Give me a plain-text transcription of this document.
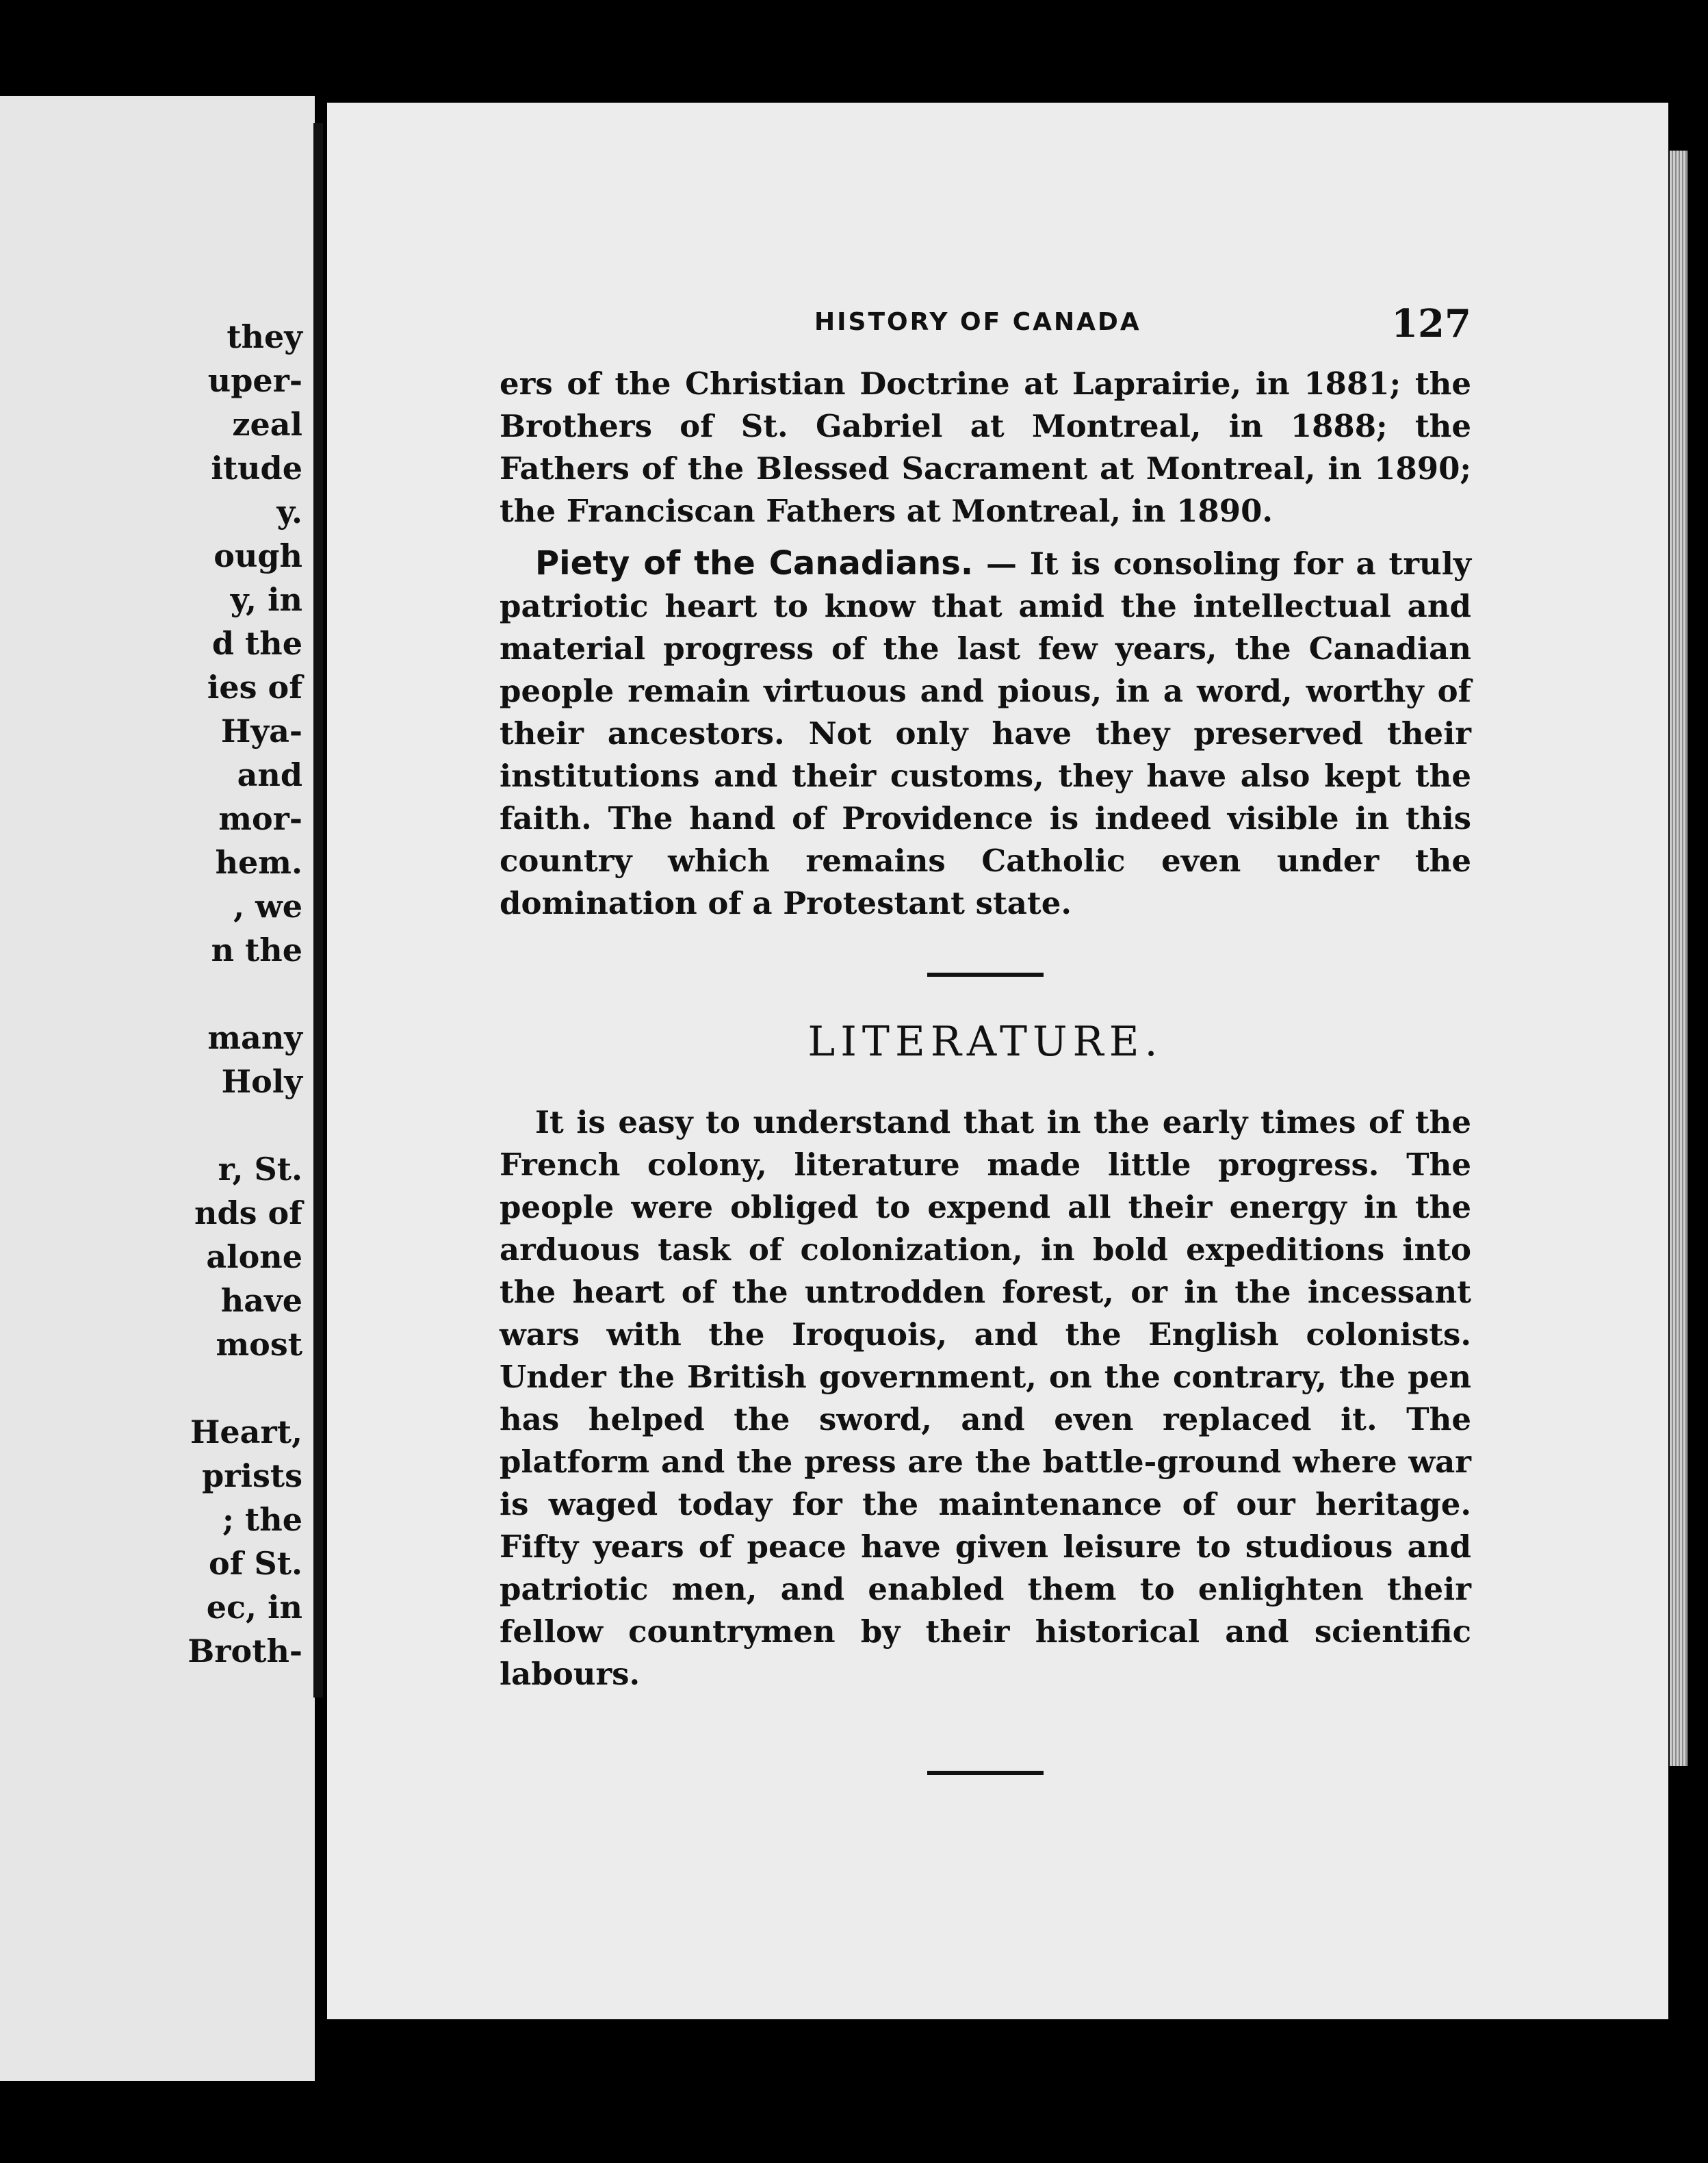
they
uper-
zeal
itude
y.
ough
y, in
d the
ies of
Hya-
and
mor-
hem.
, we
n the

many
Holy

r, St.
nds of
alone
have
most

Heart,
prists
; the
of St.
ec, in
Broth-
HISTORY OF CANADA	127

ers of the Christian Doctrine at Laprairie, in 1881; the Brothers of St. Gabriel at Montreal, in 1888; the Fathers of the Blessed Sacrament at Montreal, in 1890; the Franciscan Fathers at Montreal, in 1890.

Piety of the Canadians. — It is consoling for a truly patriotic heart to know that amid the intellectual and material progress of the last few years, the Canadian people remain virtuous and pious, in a word, worthy of their ancestors. Not only have they preserved their institutions and their customs, they have also kept the faith. The hand of Providence is indeed visible in this country which remains Catholic even under the domination of a Protestant state.

LITERATURE.

It is easy to understand that in the early times of the French colony, literature made little progress. The people were obliged to expend all their energy in the arduous task of colonization, in bold expeditions into the heart of the untrodden forest, or in the incessant wars with the Iroquois, and the English colonists. Under the British government, on the contrary, the pen has helped the sword, and even replaced it. The platform and the press are the battle-ground where war is waged today for the maintenance of our heritage. Fifty years of peace have given leisure to studious and patriotic men, and enabled them to enlighten their fellow countrymen by their historical and scientific labours.
